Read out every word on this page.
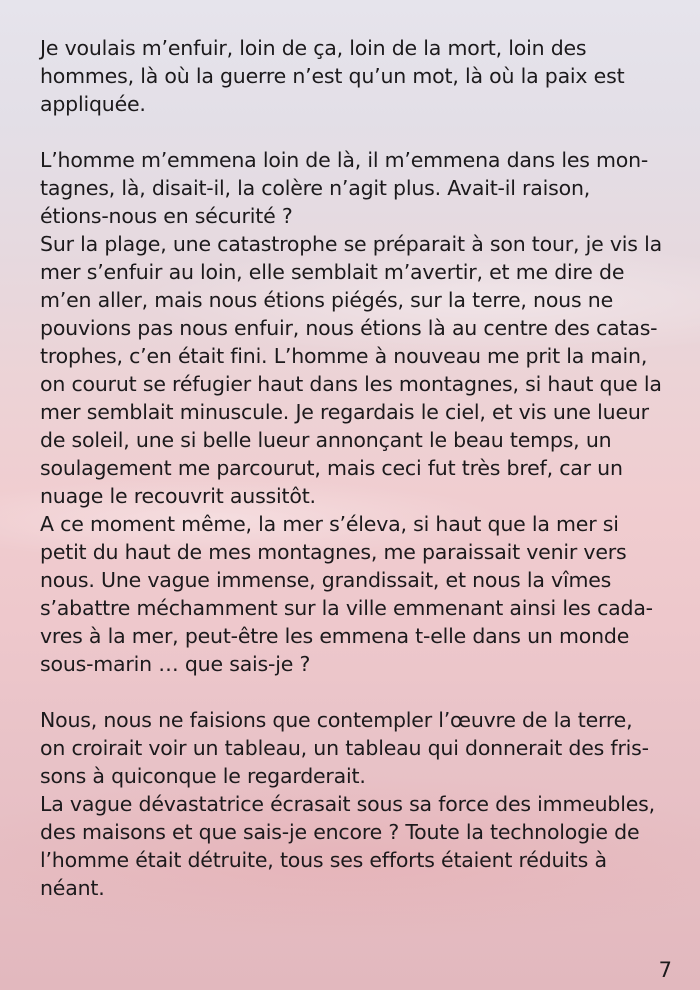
Je voulais m’enfuir, loin de ça, loin de la mort, loin des
hommes, là où la guerre n’est qu’un mot, là où la paix est
appliquée.

L’homme m’emmena loin de là, il m’emmena dans les mon-
tagnes, là, disait-il, la colère n’agit plus. Avait-il raison,
étions-nous en sécurité ?
Sur la plage, une catastrophe se préparait à son tour, je vis la
mer s’enfuir au loin, elle semblait m’avertir, et me dire de
m’en aller, mais nous étions piégés, sur la terre, nous ne
pouvions pas nous enfuir, nous étions là au centre des catas-
trophes, c’en était fini. L’homme à nouveau me prit la main,
on courut se réfugier haut dans les montagnes, si haut que la
mer semblait minuscule. Je regardais le ciel, et vis une lueur
de soleil, une si belle lueur annonçant le beau temps, un
soulagement me parcourut, mais ceci fut très bref, car un
nuage le recouvrit aussitôt.
A ce moment même, la mer s’éleva, si haut que la mer si
petit du haut de mes montagnes, me paraissait venir vers
nous. Une vague immense, grandissait, et nous la vîmes
s’abattre méchamment sur la ville emmenant ainsi les cada-
vres à la mer, peut-être les emmena t-elle dans un monde
sous-marin … que sais-je ?

Nous, nous ne faisions que contempler l’œuvre de la terre,
on croirait voir un tableau, un tableau qui donnerait des fris-
sons à quiconque le regarderait.
La vague dévastatrice écrasait sous sa force des immeubles,
des maisons et que sais-je encore ? Toute la technologie de
l’homme était détruite, tous ses efforts étaient réduits à
néant.

7
